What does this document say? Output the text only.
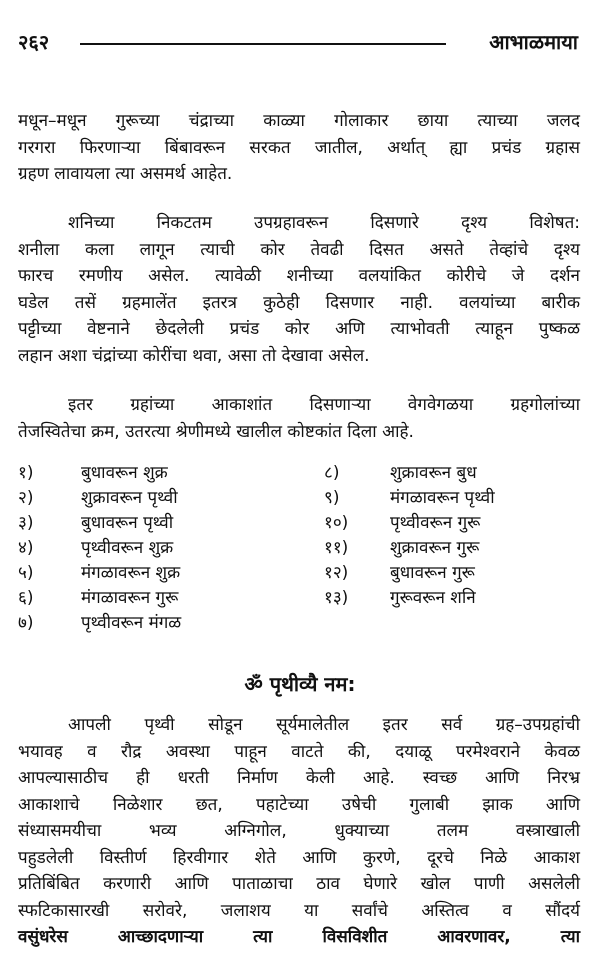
२६२	आभाळमाया
मधून–मधून गुरूच्या चंद्राच्या काळ्या गोलाकार छाया त्याच्या जलद
गरगरा फिरणाऱ्या बिंबावरून सरकत जातील, अर्थात् ह्या प्रचंड ग्रहास
ग्रहण लावायला त्या असमर्थ आहेत.
शनिच्या निकटतम उपग्रहावरून दिसणारे दृश्य विशेषत:
शनीला कला लागून त्याची कोर तेवढी दिसत असते तेव्हांचे दृश्य
फारच रमणीय असेल. त्यावेळी शनीच्या वलयांकित कोरीचे जे दर्शन
घडेल तसें ग्रहमालेंत इतरत्र कुठेही दिसणार नाही. वलयांच्या बारीक
पट्टीच्या वेष्टनाने छेदलेली प्रचंड कोर अणि त्याभोवती त्याहून पुष्कळ
लहान अशा चंद्रांच्या कोरींचा थवा, असा तो देखावा असेल.
इतर ग्रहांच्या आकाशांत दिसणाऱ्या वेगवेगळया ग्रहगोलांच्या
तेजस्वितेचा क्रम, उतरत्या श्रेणीमध्ये खालील कोष्टकांत दिला आहे.
१)	बुधावरून शुक्र	८)	शुक्रावरून बुध
२)	शुक्रावरून पृथ्वी	९)	मंगळावरून पृथ्वी
३)	बुधावरून पृथ्वी	१०) पृथ्वीवरून गुरू
४)	पृथ्वीवरून शुक्र	११) शुक्रावरून गुरू
५)	मंगळावरून शुक्र	१२) बुधावरून गुरू
६)	मंगळावरून गुरू	१३) गुरूवरून शनि
७)	पृथ्वीवरून मंगळ
ॐ पृथीव्यै नम:
आपली पृथ्वी सोडून सूर्यमालेतील इतर सर्व ग्रह–उपग्रहांची
भयावह व रौद्र अवस्था पाहून वाटते की, दयाळू परमेश्वराने केवळ
आपल्यासाठीच ही धरती निर्माण केली आहे. स्वच्छ आणि निरभ्र
आकाशाचे निळेशार छत, पहाटेच्या उषेची गुलाबी झाक आणि
संध्यासमयीचा भव्य अग्निगोल, धुक्याच्या तलम वस्त्राखाली
पहुडलेली विस्तीर्ण हिरवीगार शेते आणि कुरणे, दूरचे निळे आकाश
प्रतिबिंबित करणारी आणि पाताळाचा ठाव घेणारे खोल पाणी असलेली
स्फटिकासारखी सरोवरे, जलाशय या सर्वांचे अस्तित्व व सौंदर्य
वसुंधरेस आच्छादणाऱ्या त्या विसविशीत आवरणावर, त्या
